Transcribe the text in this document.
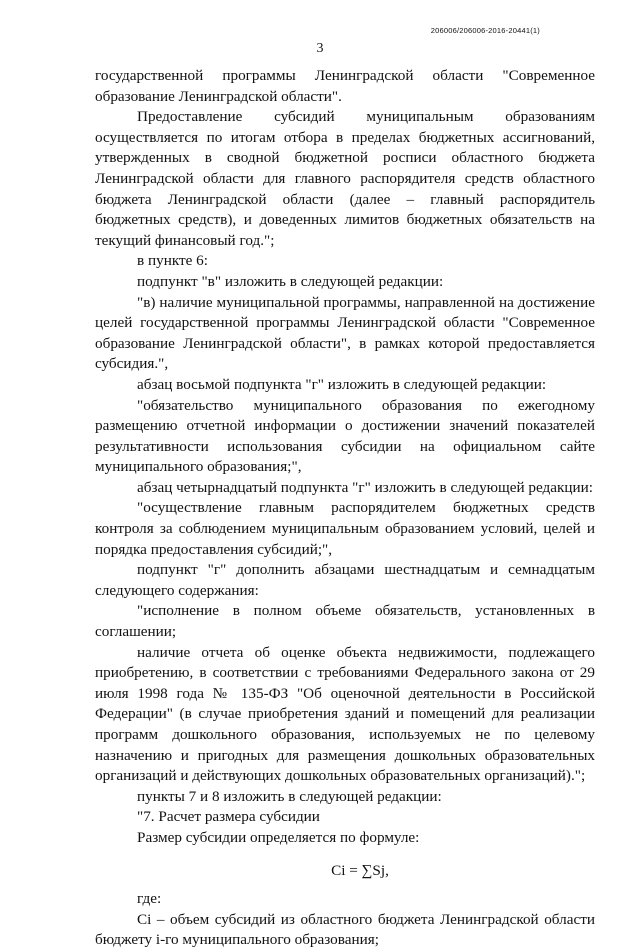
206006/206006-2016-20441(1)
3

государственной программы Ленинградской области "Современное образование Ленинградской области".

Предоставление субсидий муниципальным образованиям осуществляется по итогам отбора в пределах бюджетных ассигнований, утвержденных в сводной бюджетной росписи областного бюджета Ленинградской области для главного распорядителя средств областного бюджета Ленинградской области (далее – главный распорядитель бюджетных средств), и доведенных лимитов бюджетных обязательств на текущий финансовый год.";

в пункте 6:

подпункт "в" изложить в следующей редакции:

"в) наличие муниципальной программы, направленной на достижение целей государственной программы Ленинградской области "Современное образование Ленинградской области", в рамках которой предоставляется субсидия.",

абзац восьмой подпункта "г" изложить в следующей редакции:

"обязательство муниципального образования по ежегодному размещению отчетной информации о достижении значений показателей результативности использования субсидии на официальном сайте муниципального образования;",

абзац четырнадцатый подпункта "г" изложить в следующей редакции:

"осуществление главным распорядителем бюджетных средств контроля за соблюдением муниципальным образованием условий, целей и порядка предоставления субсидий;",

подпункт "г" дополнить абзацами шестнадцатым и семнадцатым следующего содержания:

"исполнение в полном объеме обязательств, установленных в соглашении;

наличие отчета об оценке объекта недвижимости, подлежащего приобретению, в соответствии с требованиями Федерального закона от 29 июля 1998 года № 135-ФЗ "Об оценочной деятельности в Российской Федерации" (в случае приобретения зданий и помещений для реализации программ дошкольного образования, используемых не по целевому назначению и пригодных для размещения дошкольных образовательных организаций и действующих дошкольных образовательных организаций).";

пункты 7 и 8 изложить в следующей редакции:

"7. Расчет размера субсидии

Размер субсидии определяется по формуле:

Ci = ∑Sj,

где:

Ci – объем субсидий из областного бюджета Ленинградской области бюджету i-го муниципального образования;
